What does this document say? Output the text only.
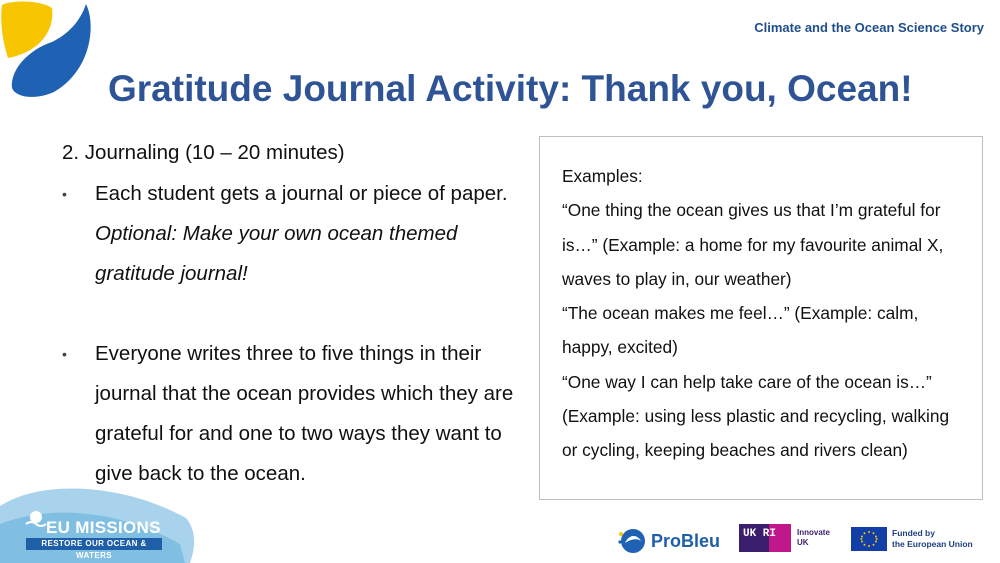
Climate and the Ocean Science Story
Gratitude Journal Activity: Thank you, Ocean!
2. Journaling (10 – 20 minutes)
• Each student gets a journal or piece of paper. Optional: Make your own ocean themed gratitude journal!
• Everyone writes three to five things in their journal that the ocean provides which they are grateful for and one to two ways they want to give back to the ocean.

Examples:

“One thing the ocean gives us that I’m grateful for is…” (Example: a home for my favourite animal X, waves to play in, our weather)

“The ocean makes me feel…” (Example: calm, happy, excited)

“One way I can help take care of the ocean is…” (Example: using less plastic and recycling, walking or cycling, keeping beaches and rivers clean)

EU MISSIONS
RESTORE OUR OCEAN & WATERS
ProBleu UK RI	Innovate
UK
Funded by
the European Union
